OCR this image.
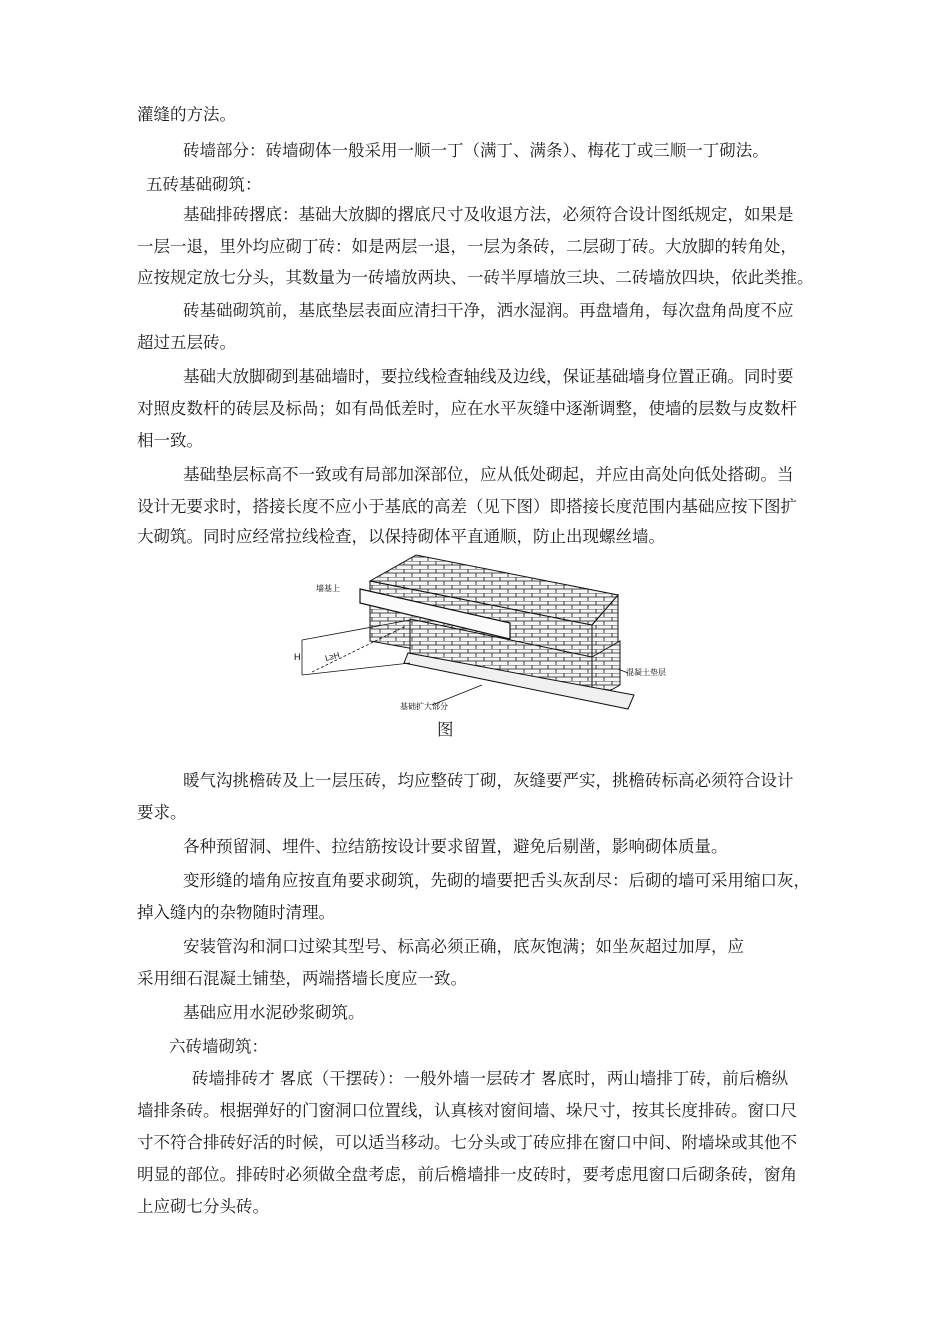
灌缝的方法。
砖墙部分：砖墙砌体一般采用一顺一丁（满丁、满条）、梅花丁或三顺一丁砌法。
五砖基础砌筑：
基础排砖撂底：基础大放脚的撂底尺寸及收退方法，必须符合设计图纸规定，如果是
一层一退，里外均应砌丁砖：如是两层一退，一层为条砖，二层砌丁砖。大放脚的转角处，
应按规定放七分头，其数量为一砖墙放两块、一砖半厚墙放三块、二砖墙放四块，依此类推。
砖基础砌筑前，基底垫层表面应清扫干净，洒水湿润。再盘墙角，每次盘角咼度不应
超过五层砖。
基础大放脚砌到基础墙时，要拉线检查轴线及边线，保证基础墙身位置正确。同时要
对照皮数杆的砖层及标咼；如有咼低差时，应在水平灰缝中逐渐调整，使墙的层数与皮数杆
相一致。
基础垫层标高不一致或有局部加深部位，应从低处砌起，并应由高处向低处搭砌。当
设计无要求时，搭接长度不应小于基底的高差（见下图）即搭接长度范围内基础应按下图扩
大砌筑。同时应经常拉线检查，以保持砌体平直通顺，防止出现螺丝墙。
墙基上
H	L≥H
基础扩大部分
混凝土垫层
图
暖气沟挑檐砖及上一层压砖，均应整砖丁砌，灰缝要严实，挑檐砖标高必须符合设计
要求。
各种预留洞、埋件、拉结筋按设计要求留置，避免后剔凿，影响砌体质量。
变形缝的墙角应按直角要求砌筑，先砌的墙要把舌头灰刮尽：后砌的墙可采用缩口灰，
掉入缝内的杂物随时清理。
安装管沟和洞口过梁其型号、标高必须正确，底灰饱满；如坐灰超过加厚，应
采用细石混凝土铺垫，两端搭墙长度应一致。
基础应用水泥砂浆砌筑。
六砖墙砌筑：
砖墙排砖才 畧底（干摆砖）：一般外墙一层砖才 畧底时，两山墙排丁砖，前后檐纵
墙排条砖。根据弹好的门窗洞口位置线，认真核对窗间墙、垛尺寸，按其长度排砖。窗口尺
寸不符合排砖好活的时候，可以适当移动。七分头或丁砖应排在窗口中间、附墙垛或其他不
明显的部位。排砖时必须做全盘考虑，前后檐墙排一皮砖时，要考虑甩窗口后砌条砖，窗角
上应砌七分头砖。
